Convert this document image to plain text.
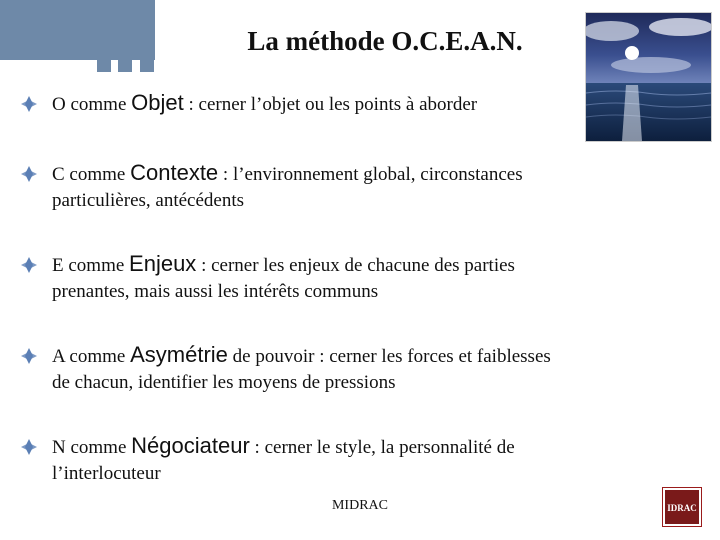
La méthode O.C.E.A.N.
O comme Objet : cerner l’objet ou les points à aborder
C comme Contexte : l’environnement global, circonstances
particulières, antécédents
E comme Enjeux : cerner les enjeux de chacune des parties
prenantes, mais aussi les intérêts communs
A comme Asymétrie de pouvoir : cerner les forces et faiblesses
de chacun, identifier les moyens de pressions
N comme Négociateur : cerner le style, la personnalité de
l’interlocuteur
MIDRAC	IDRAC
